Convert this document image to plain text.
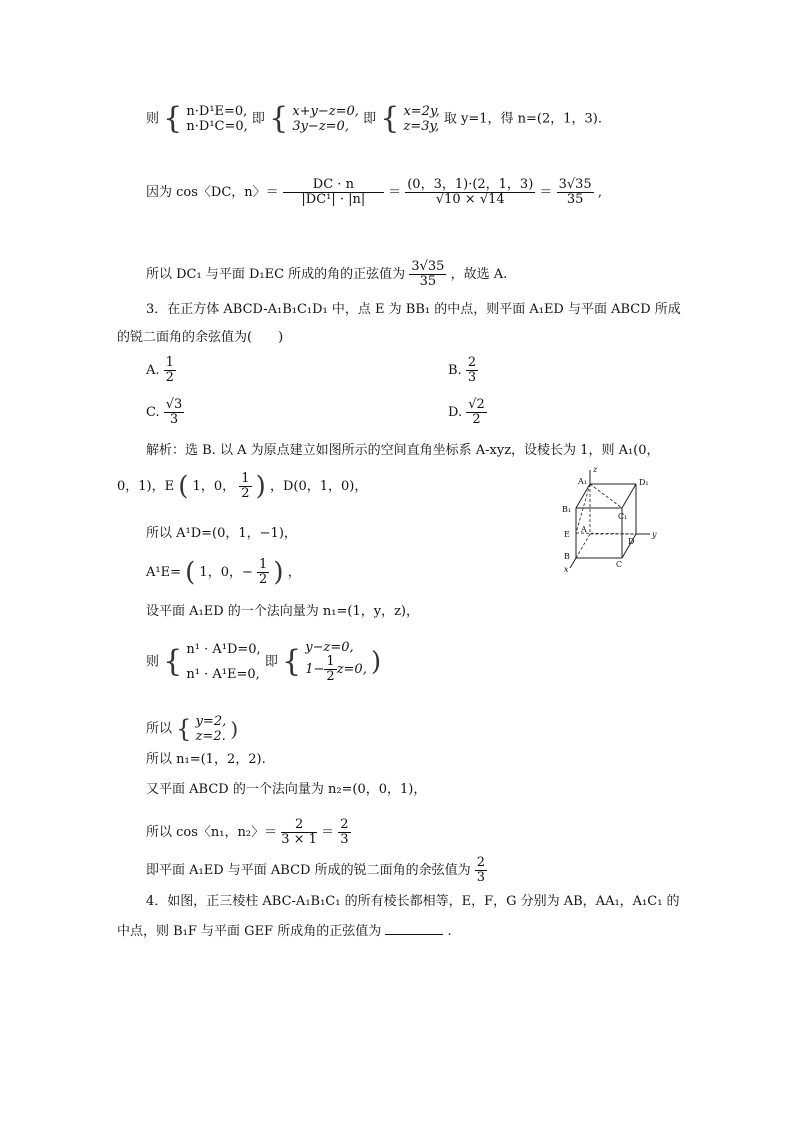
则 { n·D¹E=0,
n·D¹C=0, 即 { x+y−z=0,
3y−z=0,	即 { x=2y,
z=3y, 取 y=1，得 n=(2，1，3).
因为 cos〈DC，n〉＝ $\frac{DC \cdot n}{\text{|DC¹| · |n|}} = \frac{(0,3,1)\cdot(2,1,3)}{√10 \times √14} = \frac{3√35}{35}$ ,
所以 DC₁ 与平面 D₁EC 所成的角的正弦值为 $\frac{3√35}{35}$ ，故选 A.
3．在正方体 ABCD-A₁B₁C₁D₁ 中，点 E 为 BB₁ 的中点，则平面 A₁ED 与平面 ABCD 所成
的锐二面角的余弦值为(　　)
A. $\frac{1}{2}$	B. $\frac{2}{3}$
C. $\frac{√3}{3}$	D. $\frac{√2}{2}$
解析：选 B. 以 A 为原点建立如图所示的空间直角坐标系 A-xyz，设棱长为 1，则 A₁(0，
0，1)，E ( 1，0， $\frac{1}{2}$ ) ，D(0，1，0)，
所以 A¹D=(0，1，−1)，
A¹E= ( 1，0，− $\frac{1}{2}$ ) ，
设平面 A₁ED 的一个法向量为 n₁=(1，y，z)，
则 { n¹ · A¹D=0,
n¹ · A¹E=0,
即 { y−z=0,
$1- \frac{1}{2} z=0$, )
所以 { y=2,
z=2. )
所以 n₁=(1，2，2).
又平面 ABCD 的一个法向量为 n₂=(0，0，1)，
所以 cos〈n₁，n₂〉＝ $\frac{2}{3 \times 1} = \frac{2}{3}$
即平面 A₁ED 与平面 ABCD 所成的锐二面角的余弦值为 $\frac{2}{3}$
z
A₁	D₁
B₁
C₁
A
D
y
E
B
C
x
4．如图，正三棱柱 ABC-A₁B₁C₁ 的所有棱长都相等，E，F，G 分别为 AB，AA₁，A₁C₁ 的
中点，则 B₁F 与平面 GEF 所成角的正弦值为	.
